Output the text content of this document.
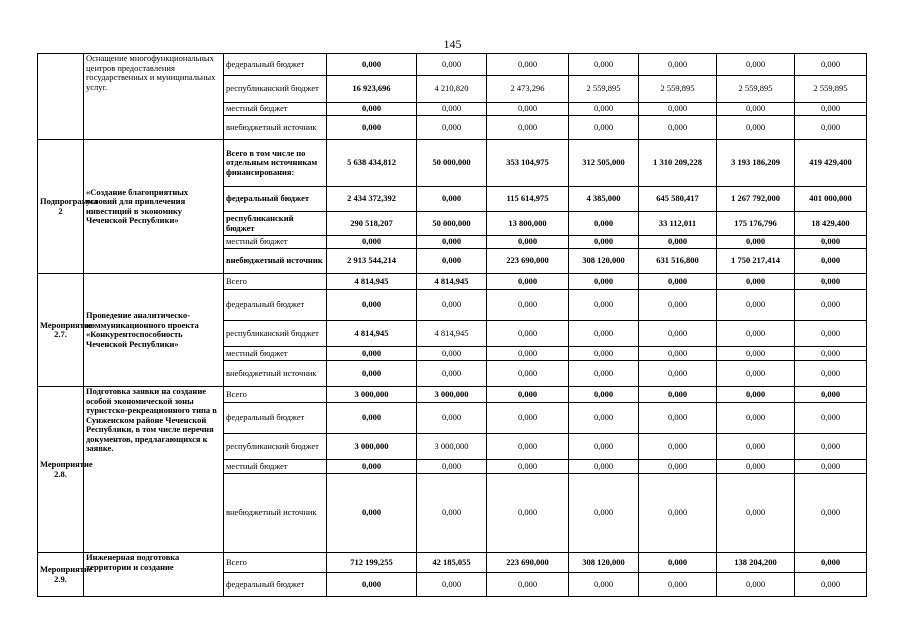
145
	Оснащение многофункциональных центров предоставления государственных и муниципальных услуг.	федеральный бюджет	0,000	0,000	0,000	0,000	0,000	0,000	0,000
		республиканский бюджет	16 923,696	4 210,820	2 473,296	2 559,895	2 559,895	2 559,895	2 559,895
		местный бюджет	0,000	0,000	0,000	0,000	0,000	0,000	0,000
		внебюджетный источник	0,000	0,000	0,000	0,000	0,000	0,000	0,000
Подпрограмма 2	«Создание благоприятных условий для привлечения инвестиций в экономику Чеченской Республики»	Всего в том числе по отдельным источникам финансирования:	5 638 434,812	50 000,000	353 104,975	312 505,000	1 310 209,228	3 193 186,209	419 429,400
		федеральный бюджет	2 434 372,392	0,000	115 614,975	4 385,000	645 580,417	1 267 792,000	401 000,000
		республиканский бюджет	290 518,207	50 000,000	13 800,000	0,000	33 112,011	175 176,796	18 429,400
		местный бюджет	0,000	0,000	0,000	0,000	0,000	0,000	0,000
		внебюджетный источник	2 913 544,214	0,000	223 690,000	308 120,000	631 516,800	1 750 217,414	0,000
Мероприятие 2.7.	Проведение аналитическо-коммуникационного проекта «Конкурентоспособность Чеченской Республики»	Всего	4 814,945	4 814,945	0,000	0,000	0,000	0,000	0,000
		федеральный бюджет	0,000	0,000	0,000	0,000	0,000	0,000	0,000
		республиканский бюджет	4 814,945	4 814,945	0,000	0,000	0,000	0,000	0,000
		местный бюджет	0,000	0,000	0,000	0,000	0,000	0,000	0,000
		внебюджетный источник	0,000	0,000	0,000	0,000	0,000	0,000	0,000
Мероприятие 2.8.	Подготовка заявки на создание особой экономической зоны туристско-рекреационного типа в Сунженском районе Чеченской Республики, в том числе перечня документов, предлагающихся к заявке.	Всего	3 000,000	3 000,000	0,000	0,000	0,000	0,000	0,000
		федеральный бюджет	0,000	0,000	0,000	0,000	0,000	0,000	0,000
		республиканский бюджет	3 000,000	3 000,000	0,000	0,000	0,000	0,000	0,000
		местный бюджет	0,000	0,000	0,000	0,000	0,000	0,000	0,000
		внебюджетный источник	0,000	0,000	0,000	0,000	0,000	0,000	0,000
Мероприятие 2.9.	Инженерная подготовка территории и создание	Всего	712 199,255	42 185,055	223 690,000	308 120,000	0,000	138 204,200	0,000
		федеральный бюджет	0,000	0,000	0,000	0,000	0,000	0,000	0,000
